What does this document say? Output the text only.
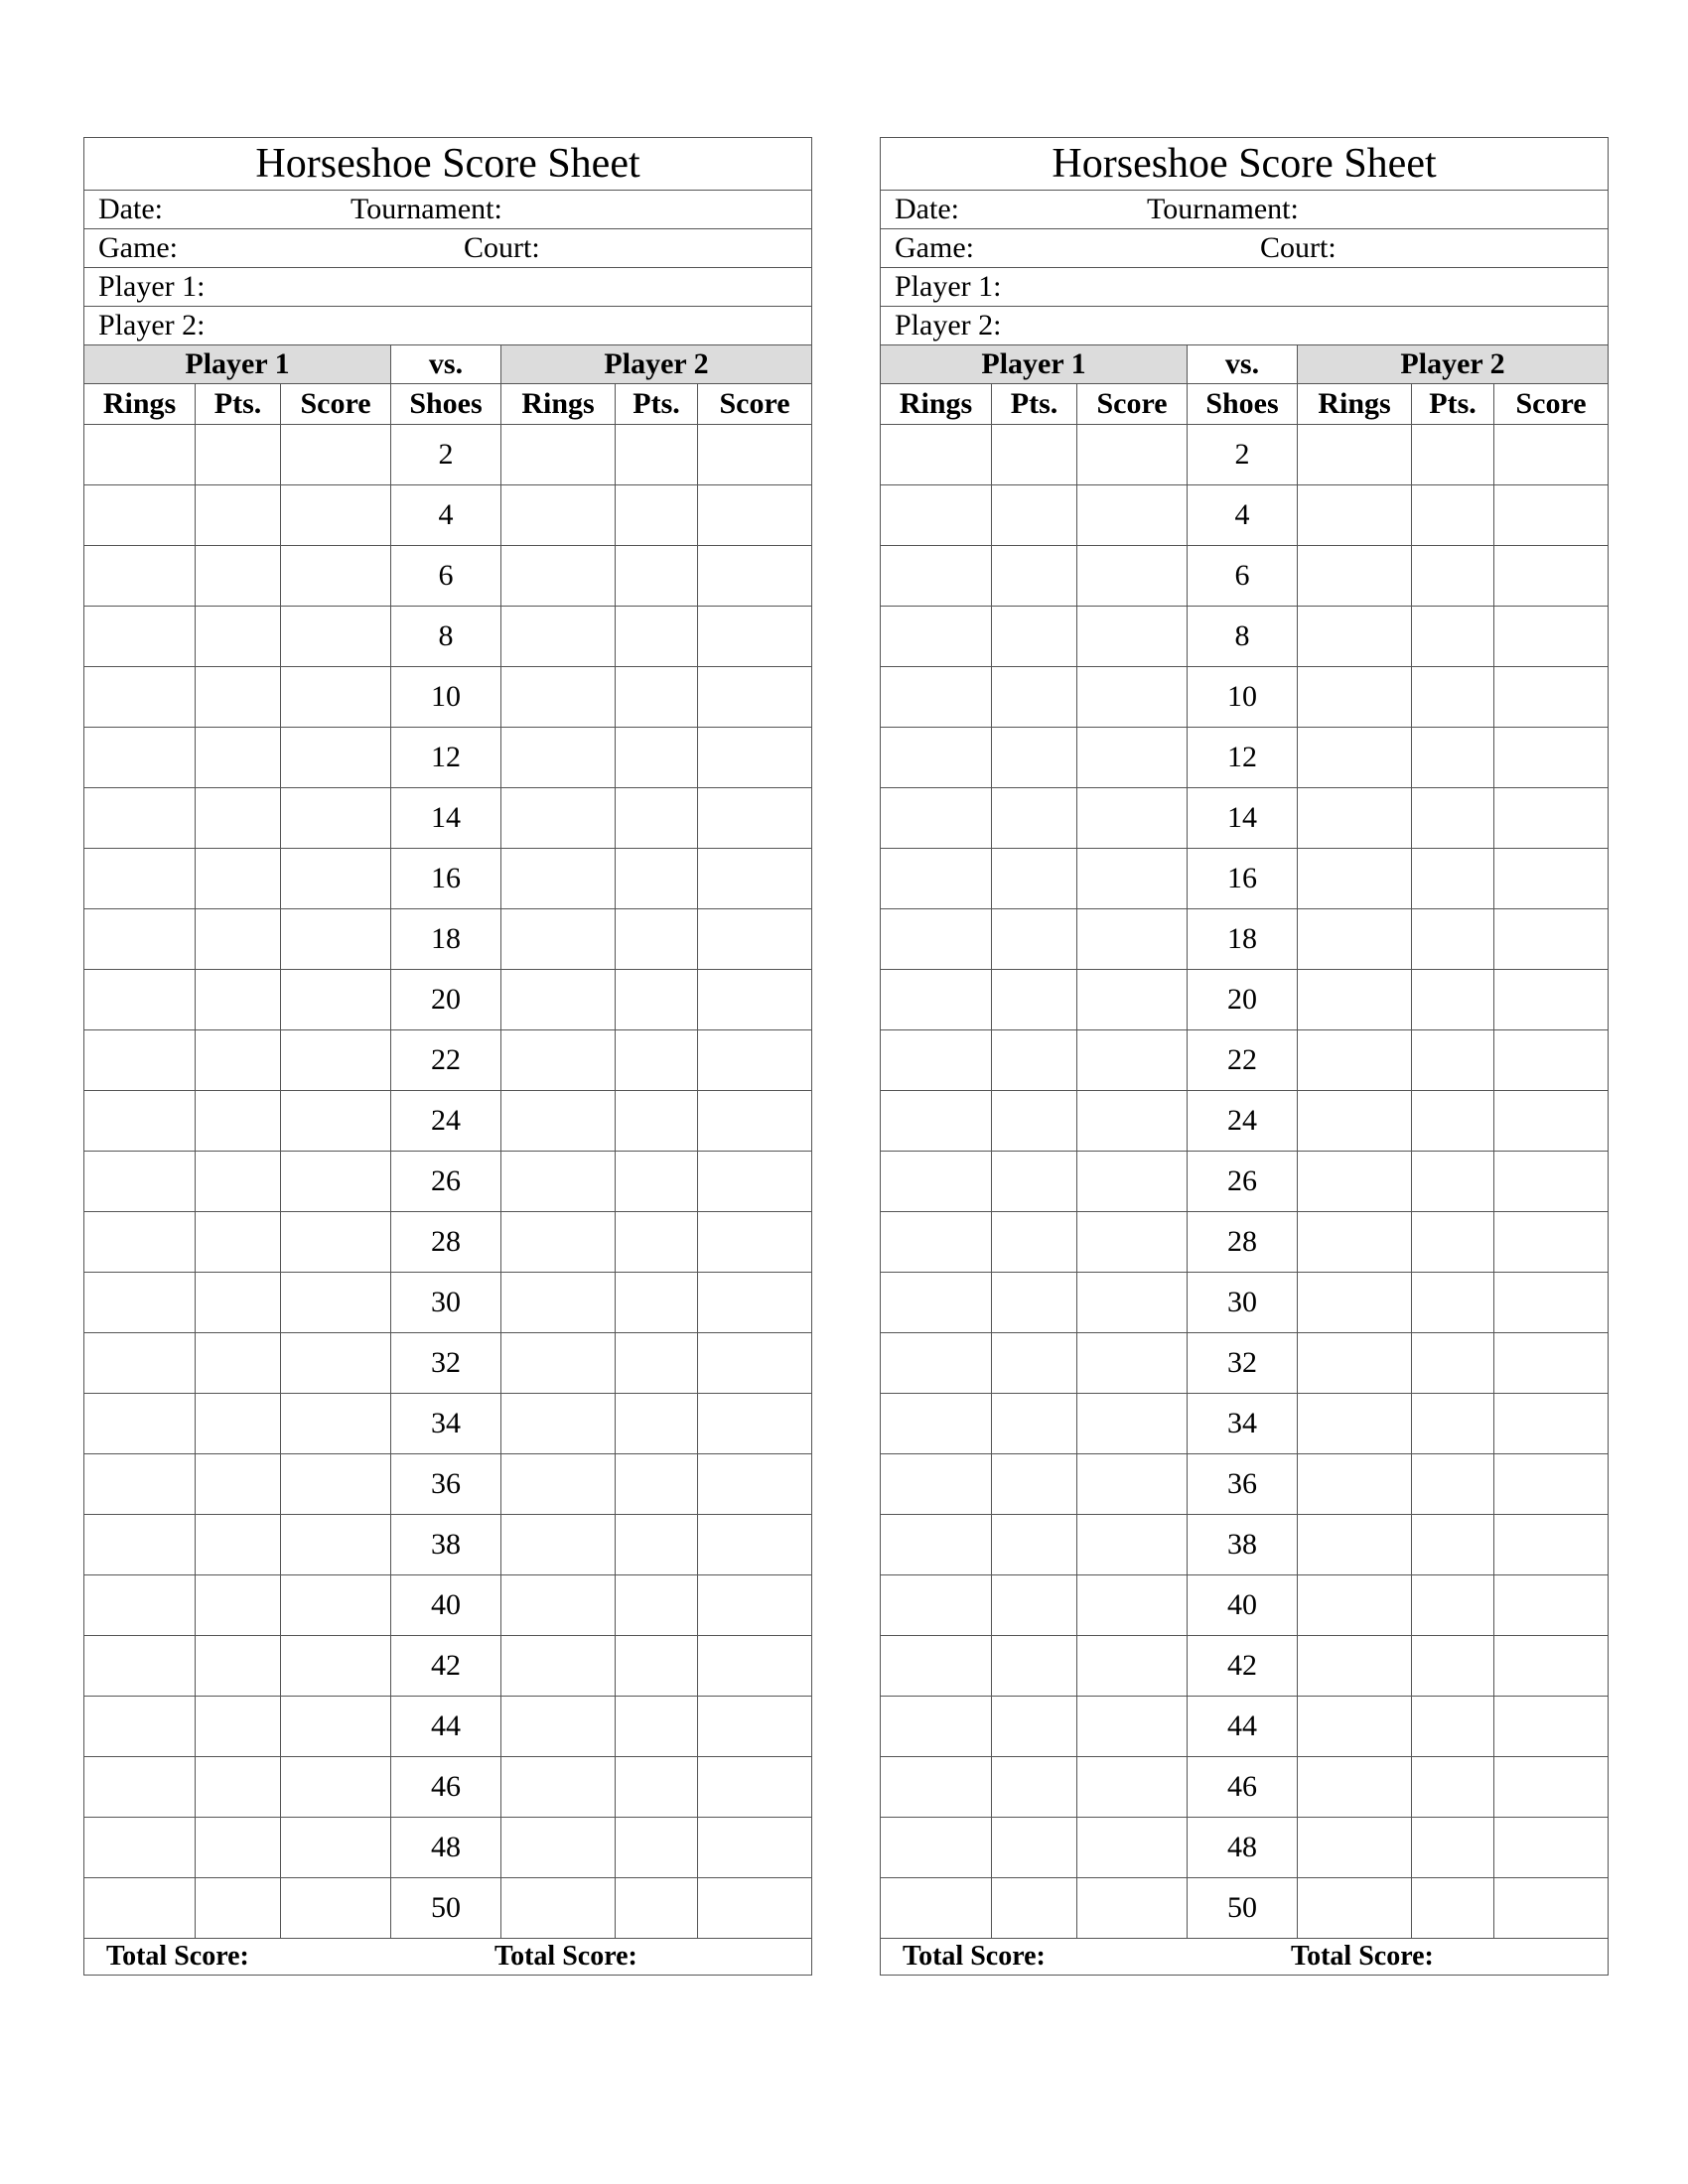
Horseshoe Score Sheet						

Date: Tournament:						

Game: Court:						

Player 1:						

Player 2:						

Player 1			vs.	Player 2		
Rings	Pts.	Score	Shoes	Rings	Pts.	Score
			2			
			4			
			6			
			8			
			10			
			12			
			14			
			16			
			18			
			20			
			22			
			24			
			26			
			28			
			30			
			32			
			34			
			36			
			38			
			40			
			42			
			44			
			46			
			48			
			50			

Total Score: Total Score:						
Horseshoe Score Sheet						

Date: Tournament:						

Game: Court:						

Player 1:						

Player 2:						

Player 1			vs.	Player 2		
Rings	Pts.	Score	Shoes	Rings	Pts.	Score
			2			
			4			
			6			
			8			
			10			
			12			
			14			
			16			
			18			
			20			
			22			
			24			
			26			
			28			
			30			
			32			
			34			
			36			
			38			
			40			
			42			
			44			
			46			
			48			
			50			

Total Score: Total Score:						
